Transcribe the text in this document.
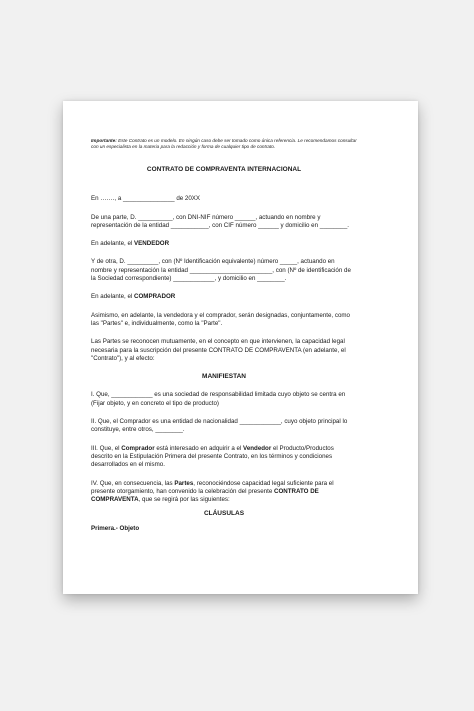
Importante: Este Contrato es un modelo. En ningún caso debe ser tomado como única referencia. Le recomendamos consultar con un especialista en la materia para la redacción y forma de cualquier tipo de contrato.

CONTRATO DE COMPRAVENTA INTERNACIONAL

En ……., a _______________ de 20XX

De una parte, D. __________, con DNI-NIF número ______, actuando en nombre y representación de la entidad ___________, con CIF número ______ y domicilio en ________.

En adelante, el VENDEDOR

Y de otra, D. _________, con (Nº Identificación equivalente) número _____, actuando en nombre y representación la entidad ________________________, con (Nº de identificación de la Sociedad correspondiente) ____________, y domicilio en ________.

En adelante, el COMPRADOR

Asimismo, en adelante, la vendedora y el comprador, serán designadas, conjuntamente, como las "Partes" e, individualmente, como la "Parte".

Las Partes se reconocen mutuamente, en el concepto en que intervienen, la capacidad legal necesaria para la suscripción del presente CONTRATO DE COMPRAVENTA (en adelante, el "Contrato"), y al efecto:

MANIFIESTAN

I. Que, ____________ es una sociedad de responsabilidad limitada cuyo objeto se centra en (Fijar objeto, y en concreto el tipo de producto)

II. Que, el Comprador es una entidad de nacionalidad ____________, cuyo objeto principal lo constituye, entre otros, ________.

III. Que, el Comprador está interesado en adquirir a el Vendedor el Producto/Productos descrito en la Estipulación Primera del presente Contrato, en los términos y condiciones desarrollados en el mismo.

IV. Que, en consecuencia, las Partes, reconociéndose capacidad legal suficiente para el presente otorgamiento, han convenido la celebración del presente CONTRATO DE COMPRAVENTA, que se regirá por las siguientes:

CLÁUSULAS

Primera.- Objeto
